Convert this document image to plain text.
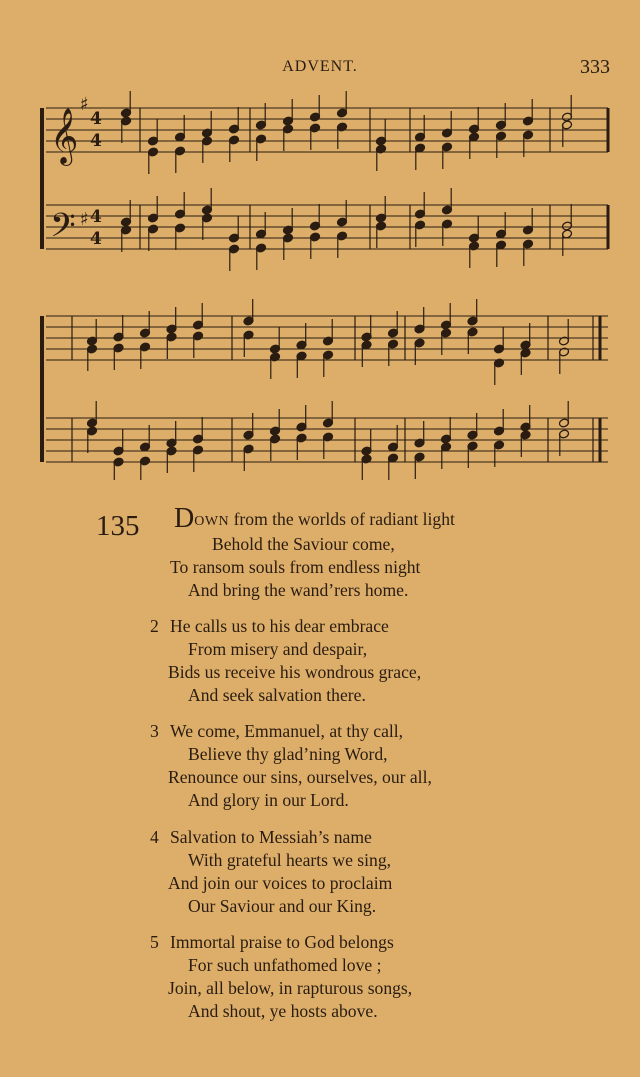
ADVENT.	333
𝄞
𝄢
♯
♯
4
4
4
4
135	DOWN from the worlds of radiant light
Behold the Saviour come,
To ransom souls from endless night
And bring the wand’rers home.
2 He calls us to his dear embrace
From misery and despair,
Bids us receive his wondrous grace,
And seek salvation there.
3 We come, Emmanuel, at thy call,
Believe thy glad’ning Word,
Renounce our sins, ourselves, our all,
And glory in our Lord.
4 Salvation to Messiah’s name
With grateful hearts we sing,
And join our voices to proclaim
Our Saviour and our King.
5 Immortal praise to God belongs
For such unfathomed love ;
Join, all below, in rapturous songs,
And shout, ye hosts above.
